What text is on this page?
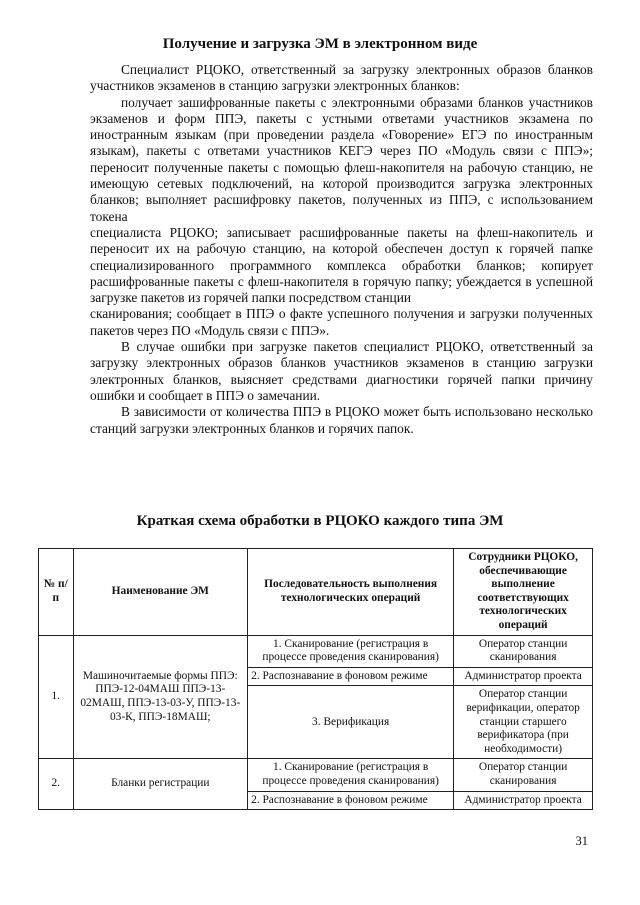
Получение и загрузка ЭМ в электронном виде

Специалист РЦОКО, ответственный за загрузку электронных образов бланков участников экзаменов в станцию загрузки электронных бланков:

получает зашифрованные пакеты с электронными образами бланков участников экзаменов и форм ППЭ, пакеты с устными ответами участников экзамена по иностранным языкам (при проведении раздела «Говорение» ЕГЭ по иностранным языкам), пакеты с ответами участников КЕГЭ через ПО «Модуль связи с ППЭ»; переносит полученные пакеты с помощью флеш-накопителя на рабочую станцию, не имеющую сетевых подключений, на которой производится загрузка электронных бланков; выполняет расшифровку пакетов, полученных из ППЭ, с использованием токена

специалиста РЦОКО; записывает расшифрованные пакеты на флеш-накопитель и переносит их на рабочую станцию, на которой обеспечен доступ к горячей папке специализированного программного комплекса обработки бланков; копирует расшифрованные пакеты с флеш-накопителя в горячую папку; убеждается в успешной загрузке пакетов из горячей папки посредством станции

сканирования; сообщает в ППЭ о факте успешного получения и загрузки полученных пакетов через ПО «Модуль связи с ППЭ».

В случае ошибки при загрузке пакетов специалист РЦОКО, ответственный за загрузку электронных образов бланков участников экзаменов в станцию загрузки электронных бланков, выясняет средствами диагностики горячей папки причину ошибки и сообщает в ППЭ о замечании.

В зависимости от количества ППЭ в РЦОКО может быть использовано несколько станций загрузки электронных бланков и горячих папок.

Краткая схема обработки в РЦОКО каждого типа ЭМ
№ п/п	Наименование ЭМ	Последовательность выполнения технологических операций	Сотрудники РЦОКО, обеспечивающие выполнение соответствующих технологических операций
1.	Машиночитаемые формы ППЭ: ППЭ-12-04МАШ ППЭ-13-02МАШ, ППЭ-13-03-У, ППЭ-13-03-К, ППЭ-18МАШ;	1. Сканирование (регистрация в процессе проведения сканирования)	Оператор станции сканирования
		2. Распознавание в фоновом режиме	Администратор проекта
		3. Верификация	Оператор станции верификации, оператор станции старшего верификатора (при необходимости)
2.	Бланки регистрации	1. Сканирование (регистрация в процессе проведения сканирования)	Оператор станции сканирования
		2. Распознавание в фоновом режиме	Администратор проекта
31
